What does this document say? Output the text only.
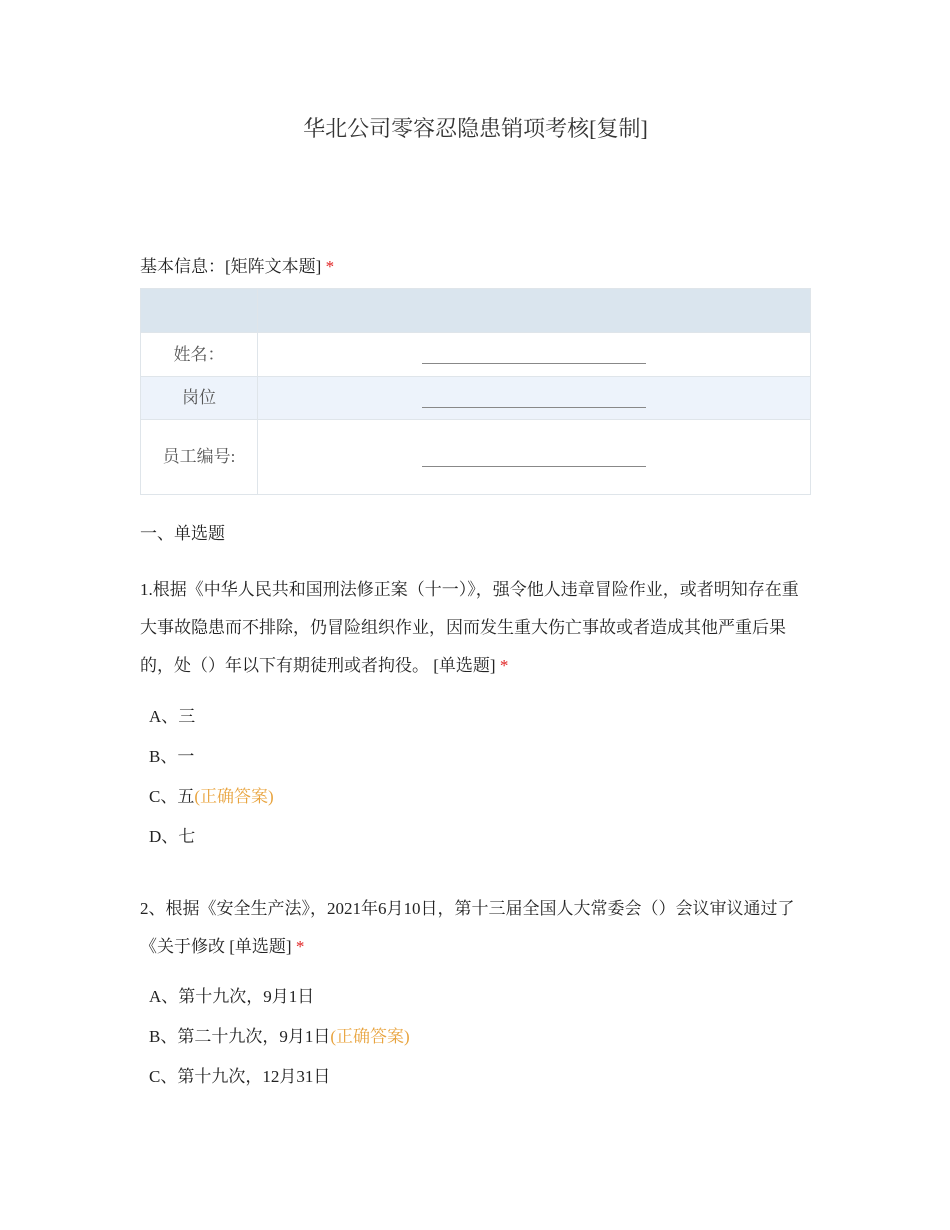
华北公司零容忍隐患销项考核[复制]
基本信息：[矩阵文本题] *

姓名：	
岗位	
员工编号:	
一、单选题
1.根据《中华人民共和国刑法修正案（十一）》，强令他人违章冒险作业，或者明知存在重大事故隐患而不排除，仍冒险组织作业，因而发生重大伤亡事故或者造成其他严重后果的，处（）年以下有期徒刑或者拘役。 [单选题] *
A、三
B、一
C、五(正确答案)
D、七
2、根据《安全生产法》，2021年6月10日，第十三届全国人大常委会（）会议审议通过了《关于修改 [单选题] *
A、第十九次，9月1日
B、第二十九次，9月1日(正确答案)
C、第十九次，12月31日
